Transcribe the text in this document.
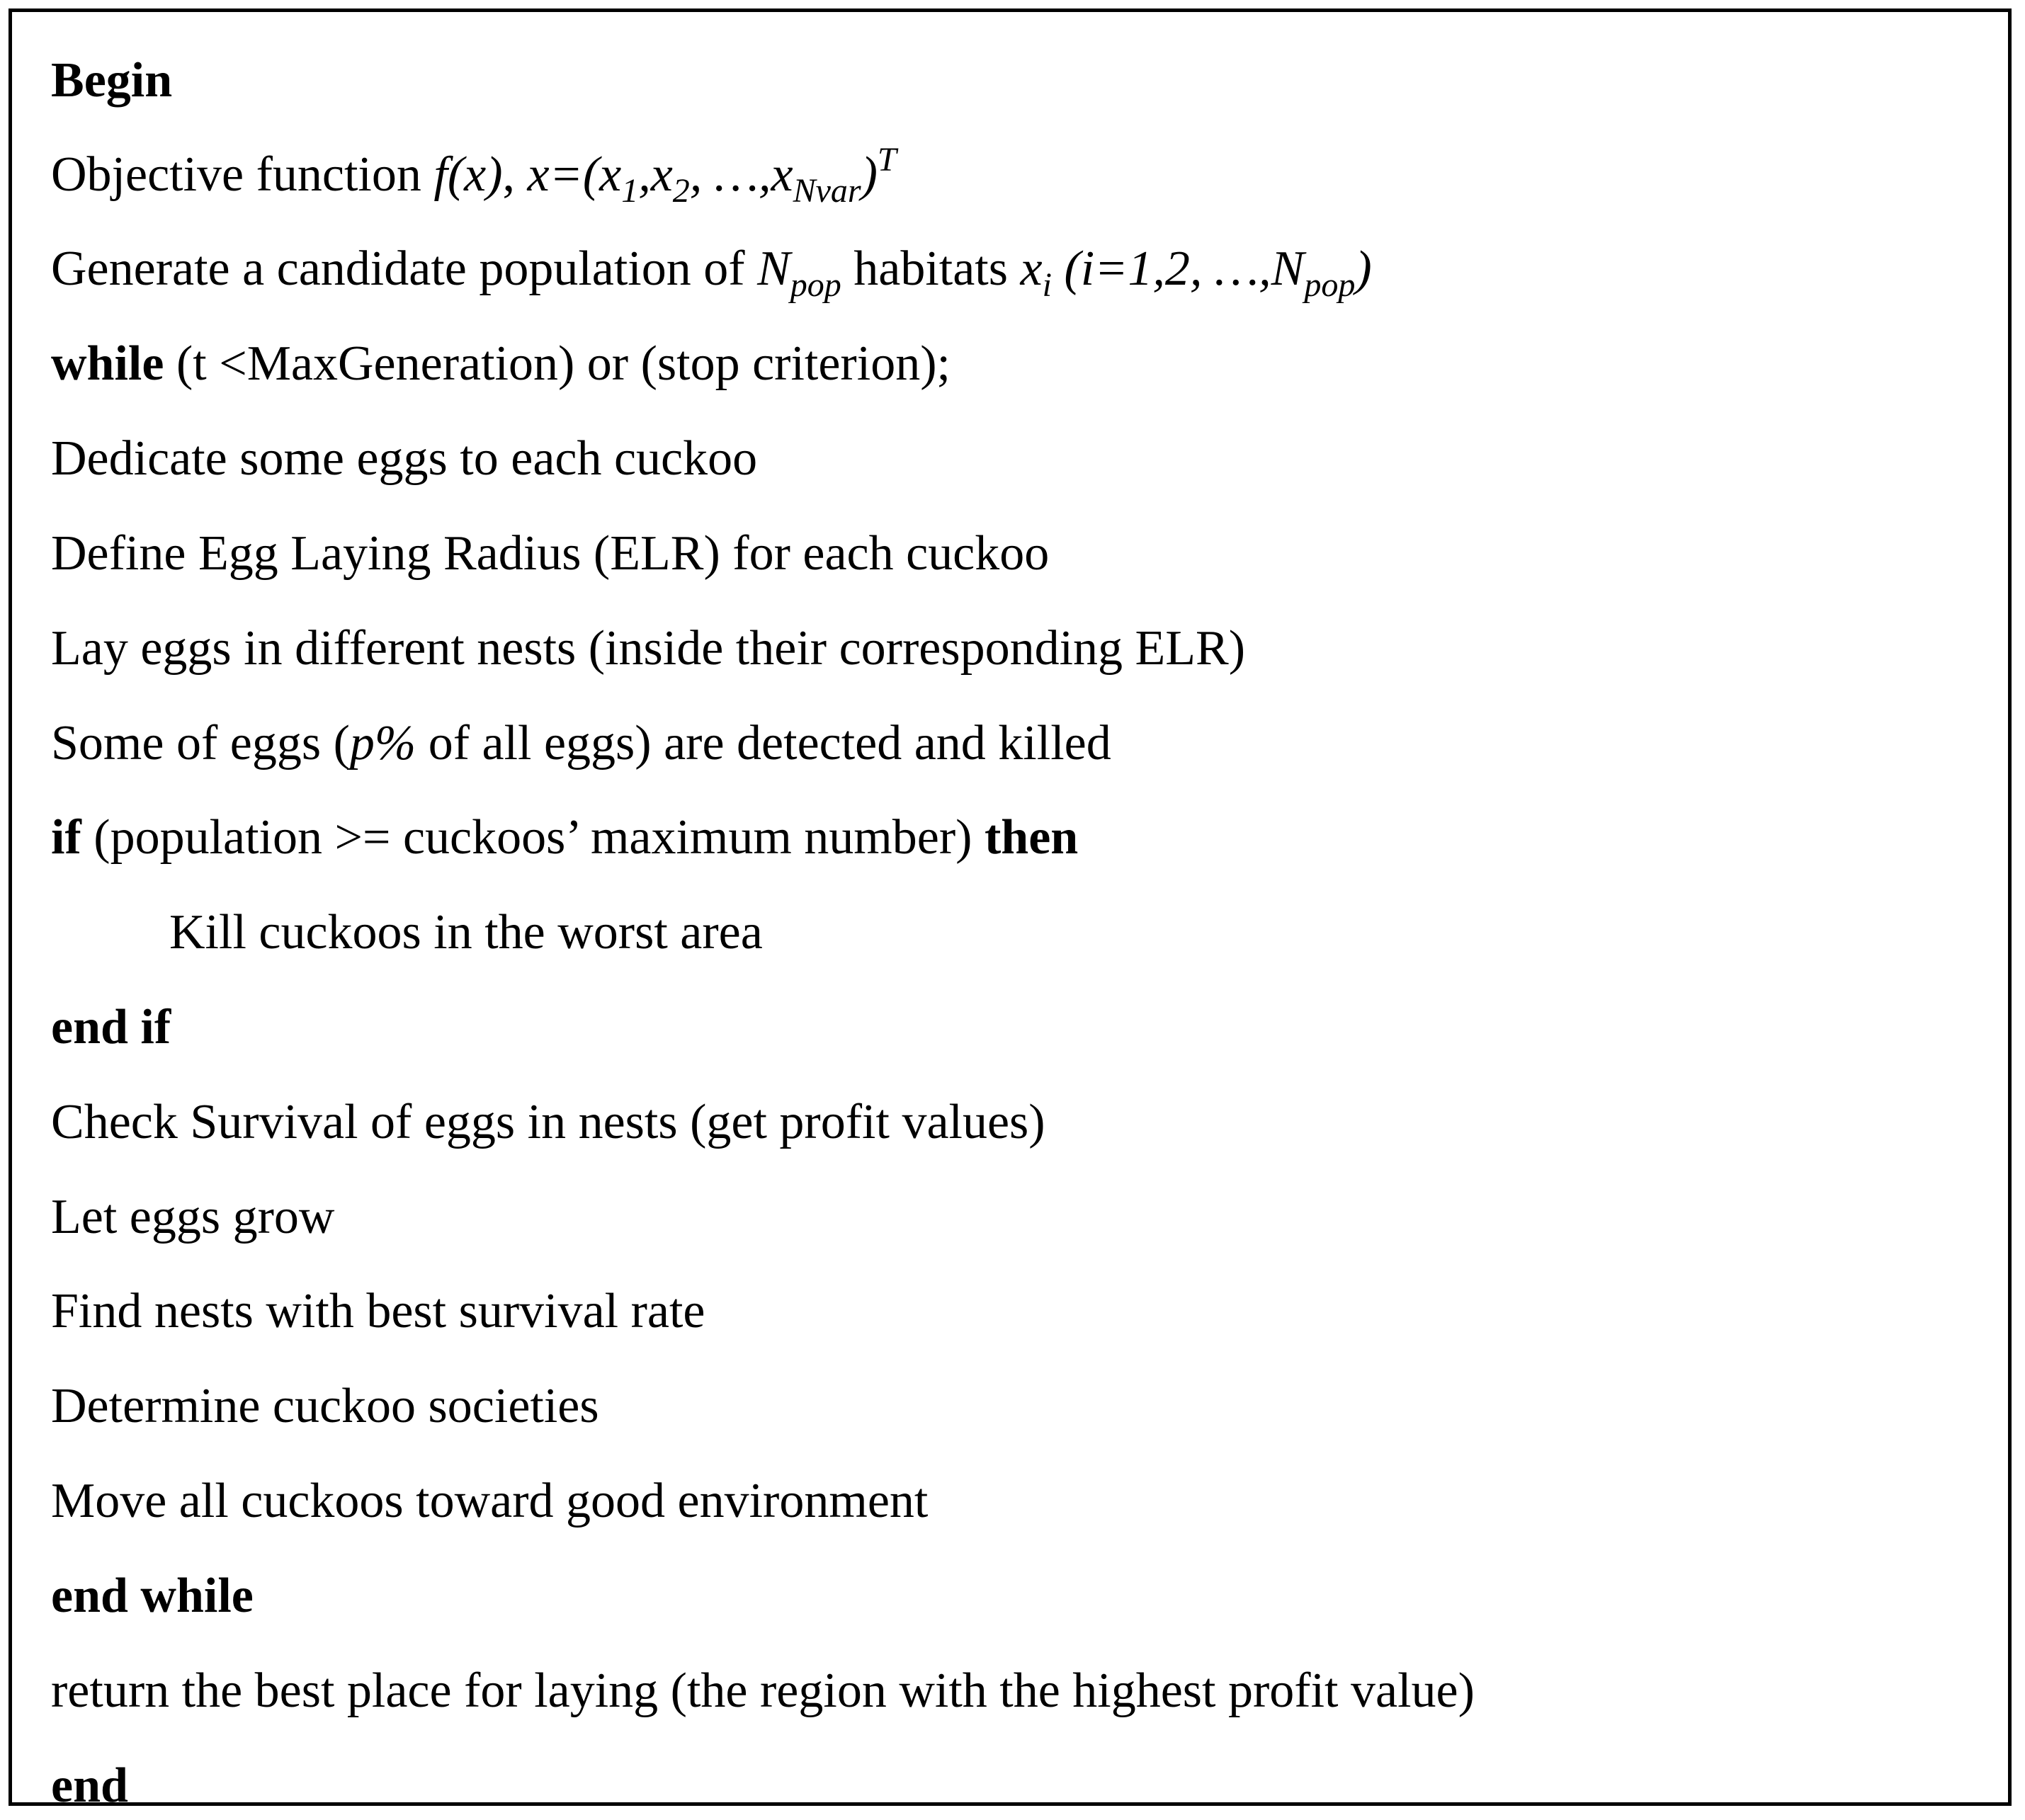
Begin
Objective function f(x), $x=(x_1,x_2$, $\dots,x_{Nvar})^T$
Generate a candidate population of $N_{pop}$ habitats $x_i$ (i=1,2, $\dots,N_{pop}$)
while (t <MaxGeneration) or (stop criterion);
Dedicate some eggs to each cuckoo
Define Egg Laying Radius (ELR) for each cuckoo
Lay eggs in different nests (inside their corresponding ELR)
Some of eggs (p% of all eggs) are detected and killed
if (population >= cuckoos’ maximum number) then
Kill cuckoos in the worst area
end if
Check Survival of eggs in nests (get profit values)
Let eggs grow
Find nests with best survival rate
Determine cuckoo societies
Move all cuckoos toward good environment
end while
return the best place for laying (the region with the highest profit value)
end
